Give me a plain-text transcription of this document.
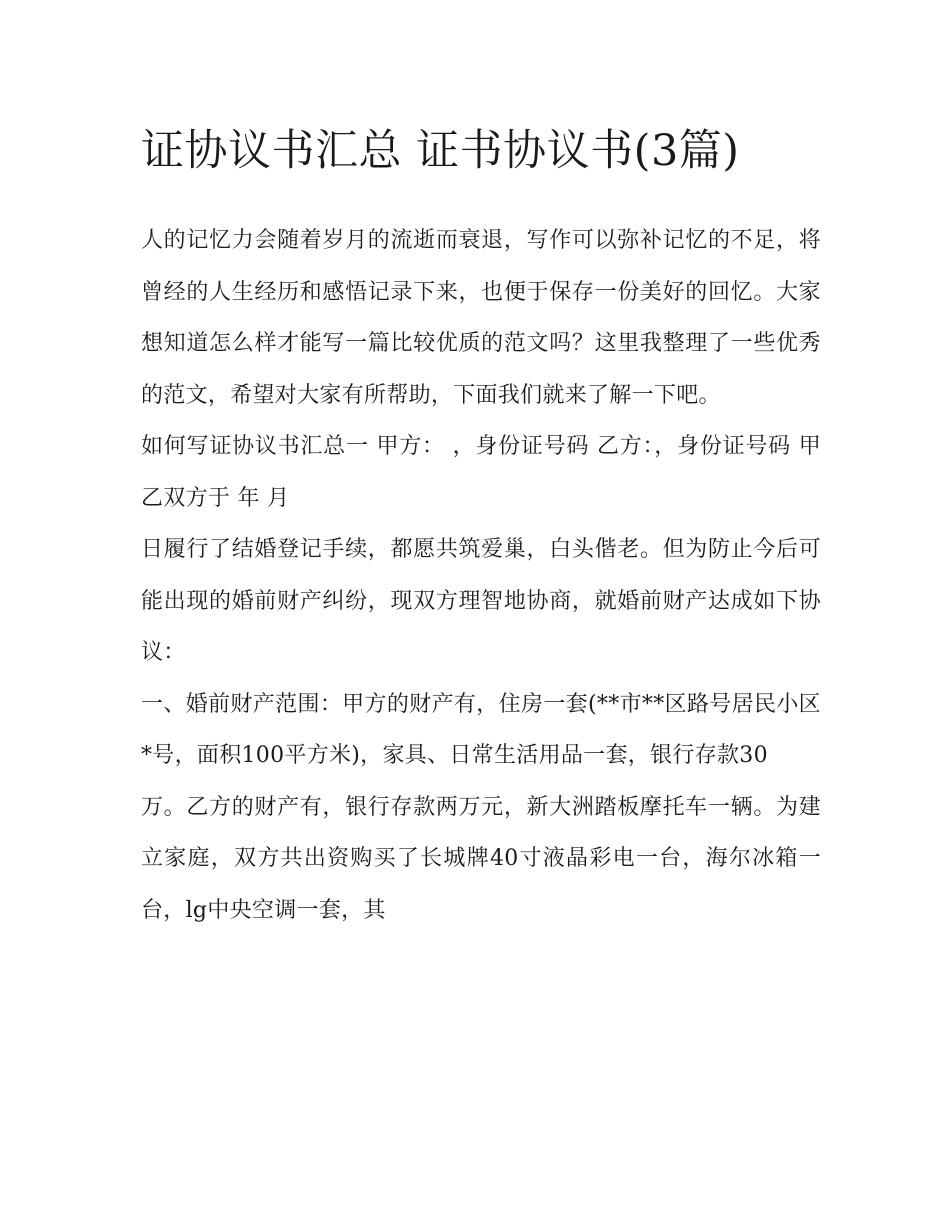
证协议书汇总 证书协议书(3篇)

人的记忆力会随着岁月的流逝而衰退，写作可以弥补记忆的不足，将曾经的人生经历和感悟记录下来，也便于保存一份美好的回忆。大家想知道怎么样才能写一篇比较优质的范文吗？这里我整理了一些优秀的范文，希望对大家有所帮助，下面我们就来了解一下吧。

如何写证协议书汇总一 甲方： ，身份证号码 乙方：，身份证号码 甲乙双方于 年 月

日履行了结婚登记手续，都愿共筑爱巢，白头偕老。但为防止今后可能出现的婚前财产纠纷，现双方理智地协商，就婚前财产达成如下协议：

一、婚前财产范围：甲方的财产有，住房一套(**市**区路号居民小区*号，面积100平方米)，家具、日常生活用品一套，银行存款30

万。乙方的财产有，银行存款两万元，新大洲踏板摩托车一辆。为建立家庭，双方共出资购买了长城牌40寸液晶彩电一台，海尔冰箱一台，lg中央空调一套，其
